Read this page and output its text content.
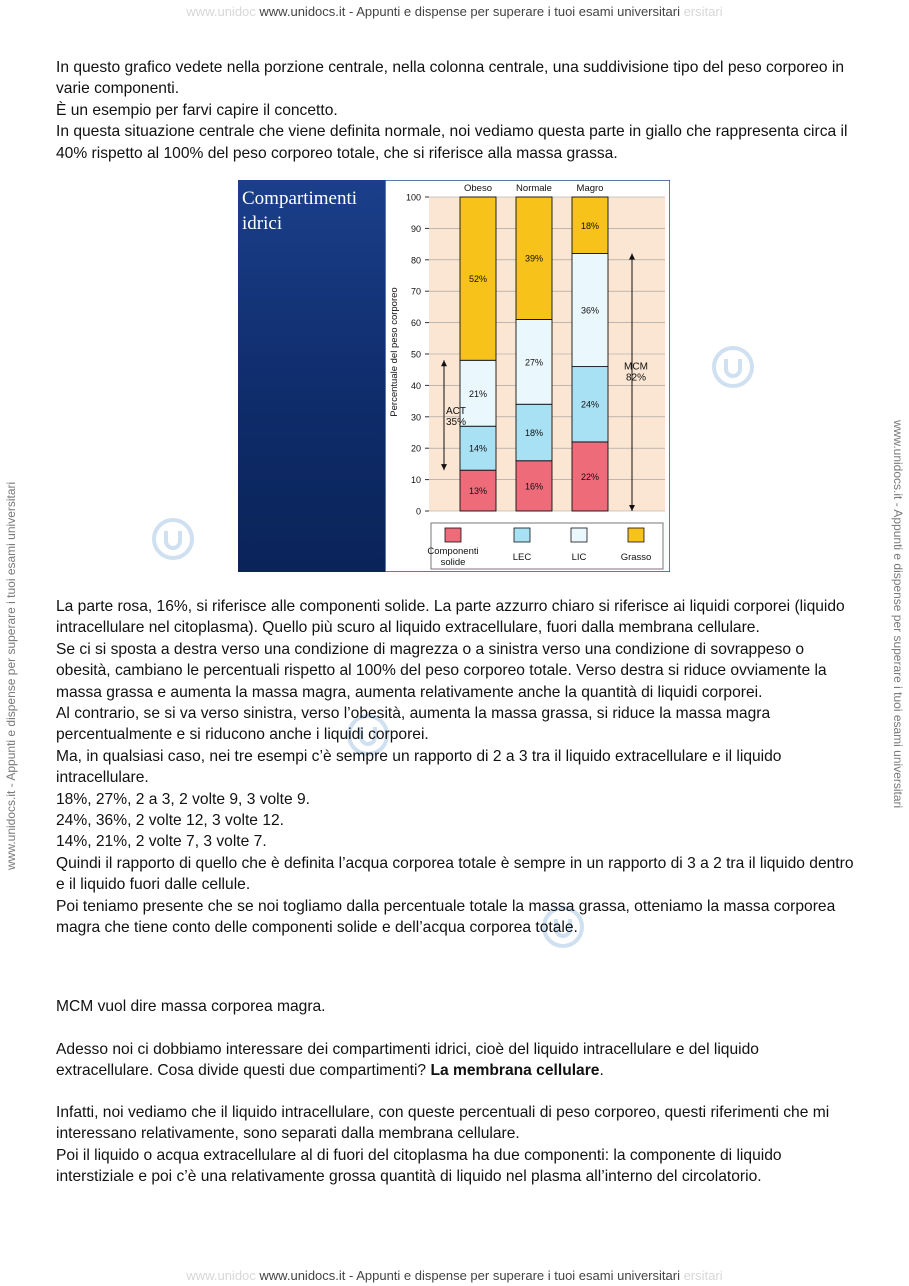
www.unidoc www.unidocs.it - Appunti e dispense per superare i tuoi esami universitari ersitari
www.unidoc www.unidocs.it - Appunti e dispense per superare i tuoi esami universitari ersitari
www.unidocs.it - Appunti e dispense per superare i tuoi esami universitari	www.unidocs.it - Appunti e dispense per superare i tuoi esami universitari

In questo grafico vedete nella porzione centrale, nella colonna centrale, una suddivisione tipo del peso corporeo in varie componenti.

È un esempio per farvi capire il concetto.

In questa situazione centrale che viene definita normale, noi vediamo questa parte in giallo che rappresenta circa il 40% rispetto al 100% del peso corporeo totale, che si riferisce alla massa grassa.

Compartimenti
idrici
Percentuale del peso corporeo
0
10
20
30
40
50
60
70
80
90
100
13%
14%
21%
52%
16%
18%
27%
39%
22%
24%
36%
18%
Obeso	Normale	Magro
ACT
35%
MCM
82%
Componenti
solide	LEC	LIC	Grasso

La parte rosa, 16%, si riferisce alle componenti solide. La parte azzurro chiaro si riferisce ai liquidi corporei (liquido intracellulare nel citoplasma). Quello più scuro al liquido extracellulare, fuori dalla membrana cellulare.

Se ci si sposta a destra verso una condizione di magrezza o a sinistra verso una condizione di sovrappeso o obesità, cambiano le percentuali rispetto al 100% del peso corporeo totale. Verso destra si riduce ovviamente la massa grassa e aumenta la massa magra, aumenta relativamente anche la quantità di liquidi corporei.

Al contrario, se si va verso sinistra, verso l’obesità, aumenta la massa grassa, si riduce la massa magra percentualmente e si riducono anche i liquidi corporei.

Ma, in qualsiasi caso, nei tre esempi c’è sempre un rapporto di 2 a 3 tra il liquido extracellulare e il liquido intracellulare.

18%, 27%, 2 a 3, 2 volte 9, 3 volte 9.

24%, 36%, 2 volte 12, 3 volte 12.

14%, 21%, 2 volte 7, 3 volte 7.

Quindi il rapporto di quello che è definita l’acqua corporea totale è sempre in un rapporto di 3 a 2 tra il liquido dentro e il liquido fuori dalle cellule.

Poi teniamo presente che se noi togliamo dalla percentuale totale la massa grassa, otteniamo la massa corporea magra che tiene conto delle componenti solide e dell’acqua corporea totale.

MCM vuol dire massa corporea magra.

Adesso noi ci dobbiamo interessare dei compartimenti idrici, cioè del liquido intracellulare e del liquido extracellulare. Cosa divide questi due compartimenti? La membrana cellulare.

Infatti, noi vediamo che il liquido intracellulare, con queste percentuali di peso corporeo, questi riferimenti che mi interessano relativamente, sono separati dalla membrana cellulare.

Poi il liquido o acqua extracellulare al di fuori del citoplasma ha due componenti: la componente di liquido interstiziale e poi c’è una relativamente grossa quantità di liquido nel plasma all’interno del circolatorio.
